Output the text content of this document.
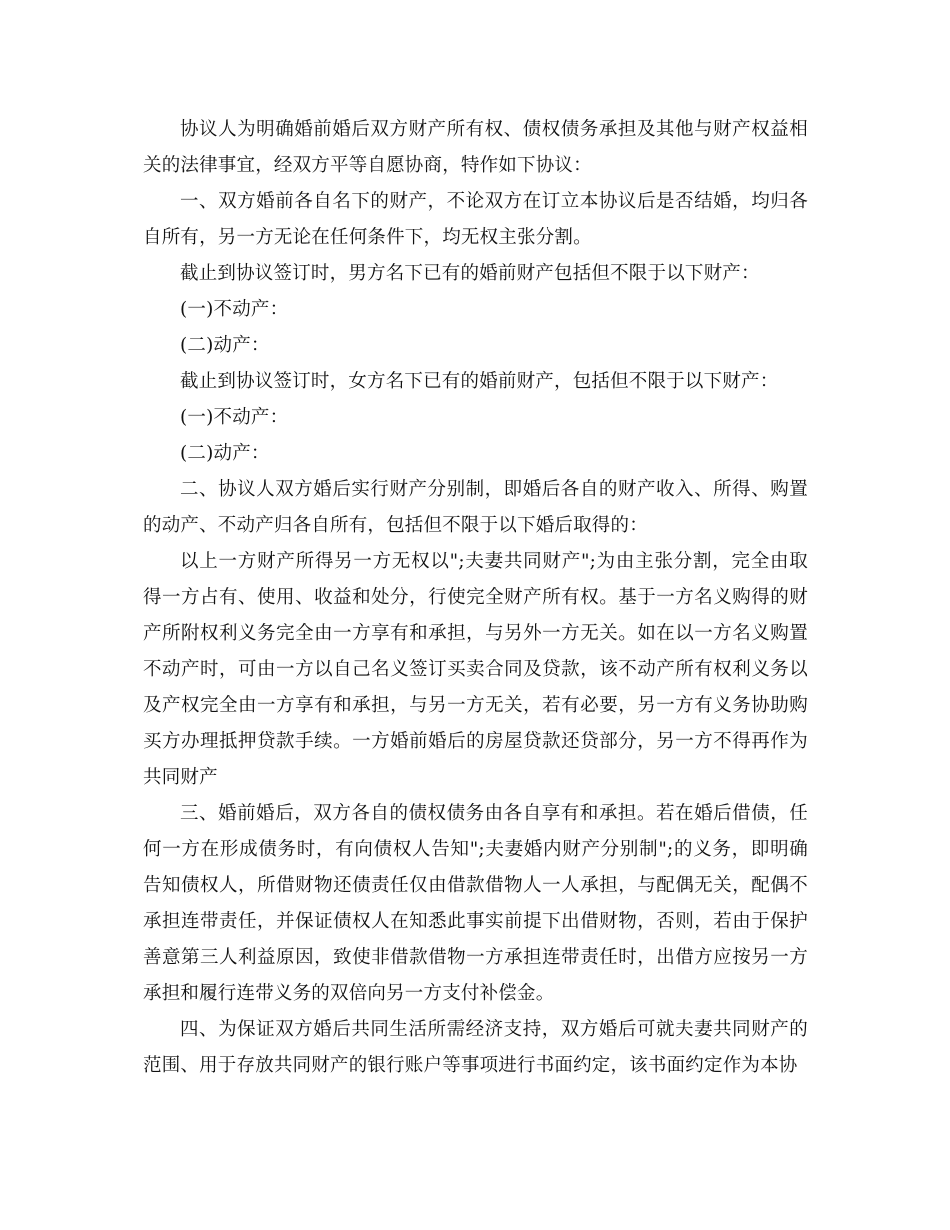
协议人为明确婚前婚后双方财产所有权、债权债务承担及其他与财产权益相关的法律事宜，经双方平等自愿协商，特作如下协议：

一、双方婚前各自名下的财产，不论双方在订立本协议后是否结婚，均归各自所有，另一方无论在任何条件下，均无权主张分割。

截止到协议签订时，男方名下已有的婚前财产包括但不限于以下财产：

(一)不动产：

(二)动产：

截止到协议签订时，女方名下已有的婚前财产，包括但不限于以下财产：

(一)不动产：

(二)动产：

二、协议人双方婚后实行财产分别制，即婚后各自的财产收入、所得、购置的动产、不动产归各自所有，包括但不限于以下婚后取得的：

以上一方财产所得另一方无权以";夫妻共同财产";为由主张分割，完全由取得一方占有、使用、收益和处分，行使完全财产所有权。基于一方名义购得的财产所附权利义务完全由一方享有和承担，与另外一方无关。如在以一方名义购置不动产时，可由一方以自己名义签订买卖合同及贷款，该不动产所有权利义务以及产权完全由一方享有和承担，与另一方无关，若有必要，另一方有义务协助购买方办理抵押贷款手续。一方婚前婚后的房屋贷款还贷部分，另一方不得再作为共同财产

三、婚前婚后，双方各自的债权债务由各自享有和承担。若在婚后借债，任何一方在形成债务时，有向债权人告知";夫妻婚内财产分别制";的义务，即明确告知债权人，所借财物还债责任仅由借款借物人一人承担，与配偶无关，配偶不承担连带责任，并保证债权人在知悉此事实前提下出借财物，否则，若由于保护善意第三人利益原因，致使非借款借物一方承担连带责任时，出借方应按另一方承担和履行连带义务的双倍向另一方支付补偿金。

四、为保证双方婚后共同生活所需经济支持，双方婚后可就夫妻共同财产的范围、用于存放共同财产的银行账户等事项进行书面约定，该书面约定作为本协
